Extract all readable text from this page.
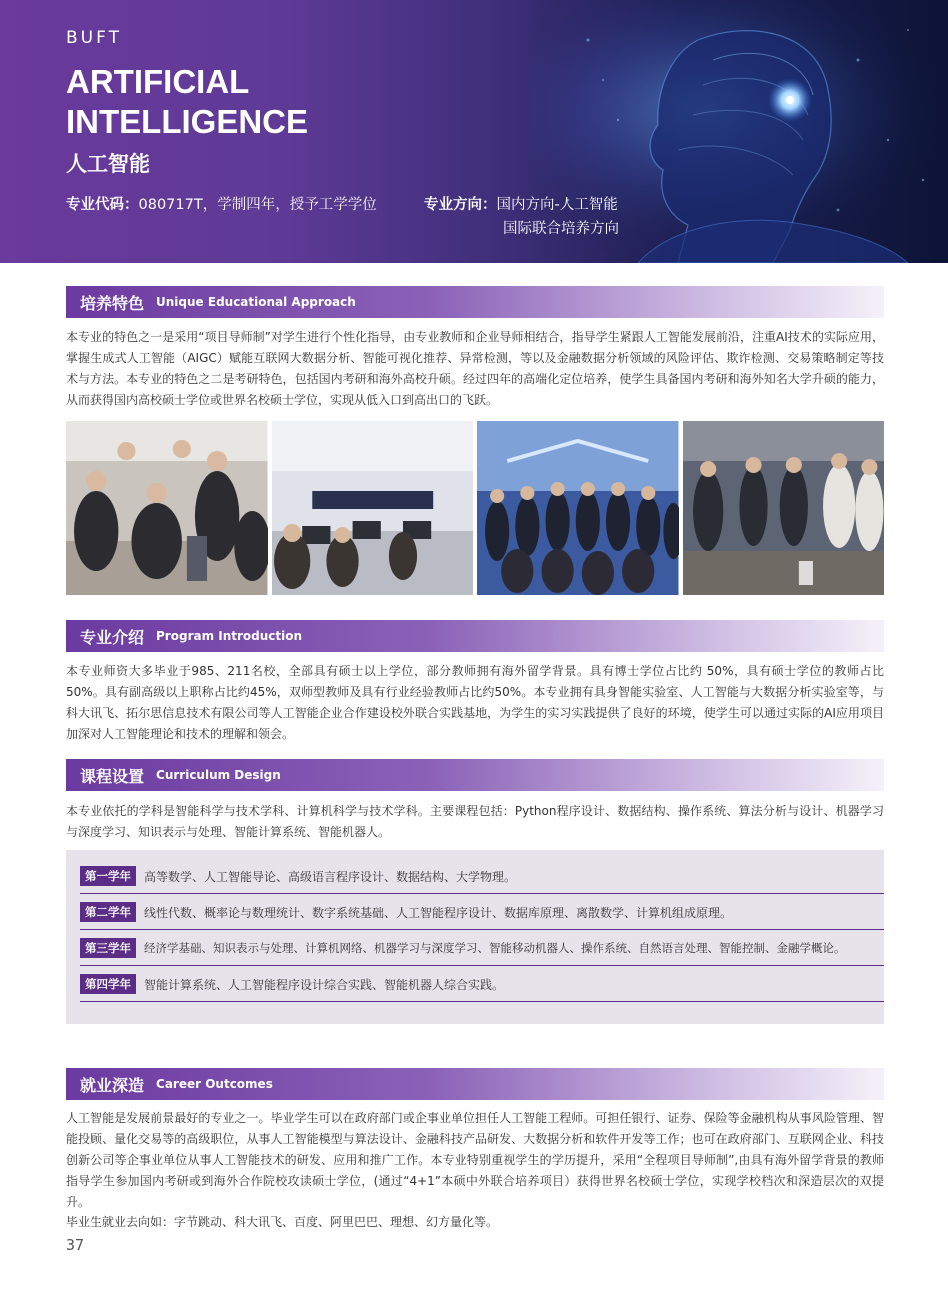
BUFT
ARTIFICIAL
INTELLIGENCE
人工智能
专业代码：080717T，学制四年，授予工学学位	专业方向：国内方向-人工智能
国际联合培养方向
培养特色 Unique Educational Approach
本专业的特色之一是采用“项目导师制”对学生进行个性化指导，由专业教师和企业导师相结合，指导学生紧跟人工智能发展前沿，注重AI技术的实际应用，掌握生成式人工智能（AIGC）赋能互联网大数据分析、智能可视化推荐、异常检测，等以及金融数据分析领域的风险评估、欺诈检测、交易策略制定等技术与方法。本专业的特色之二是考研特色，包括国内考研和海外高校升硕。经过四年的高端化定位培养，使学生具备国内考研和海外知名大学升硕的能力，从而获得国内高校硕士学位或世界名校硕士学位，实现从低入口到高出口的飞跃。
专业介绍 Program Introduction
本专业师资大多毕业于985、211名校，全部具有硕士以上学位，部分教师拥有海外留学背景。具有博士学位占比约 50%，具有硕士学位的教师占比 50%。具有副高级以上职称占比约45%，双师型教师及具有行业经验教师占比约50%。本专业拥有具身智能实验室、人工智能与大数据分析实验室等，与科大讯飞、拓尔思信息技术有限公司等人工智能企业合作建设校外联合实践基地，为学生的实习实践提供了良好的环境，使学生可以通过实际的AI应用项目加深对人工智能理论和技术的理解和领会。
课程设置 Curriculum Design
本专业依托的学科是智能科学与技术学科、计算机科学与技术学科。主要课程包括：Python程序设计、数据结构、操作系统、算法分析与设计、机器学习与深度学习、知识表示与处理、智能计算系统、智能机器人。
第一学年	高等数学、人工智能导论、高级语言程序设计、数据结构、大学物理。
第二学年	线性代数、概率论与数理统计、数字系统基础、人工智能程序设计、数据库原理、离散数学、计算机组成原理。
第三学年	经济学基础、知识表示与处理、计算机网络、机器学习与深度学习、智能移动机器人、操作系统、自然语言处理、智能控制、金融学概论。
第四学年	智能计算系统、人工智能程序设计综合实践、智能机器人综合实践。
就业深造 Career Outcomes
人工智能是发展前景最好的专业之一。毕业学生可以在政府部门或企事业单位担任人工智能工程师。可担任银行、证券、保险等金融机构从事风险管理、智能投顾、量化交易等的高级职位，从事人工智能模型与算法设计、金融科技产品研发、大数据分析和软件开发等工作；也可在政府部门、互联网企业、科技创新公司等企事业单位从事人工智能技术的研发、应用和推广工作。本专业特别重视学生的学历提升，采用“全程项目导师制”,由具有海外留学背景的教师指导学生参加国内考研或到海外合作院校攻读硕士学位，(通过“4+1”本硕中外联合培养项目）获得世界名校硕士学位，实现学校档次和深造层次的双提升。
毕业生就业去向如：字节跳动、科大讯飞、百度、阿里巴巴、理想、幻方量化等。
37
